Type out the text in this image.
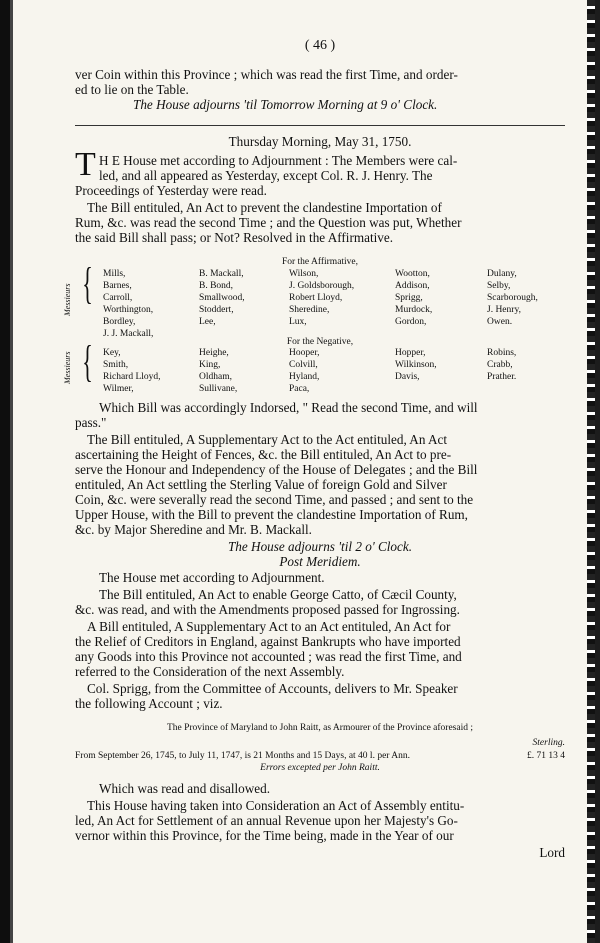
( 46 )
ver Coin within this Province ; which was read the first Time, and order-
ed to lie on the Table.
The House adjourns 'til Tomorrow Morning at 9 o' Clock.
Thursday Morning, May 31, 1750.
T H E House met according to Adjournment : The Members were cal-
led, and all appeared as Yesterday, except Col. R. J. Henry. The
Proceedings of Yesterday were read.
The Bill entituled, An Act to prevent the clandestine Importation of
Rum, &c. was read the second Time ; and the Question was put, Whether
the said Bill shall pass; or Not? Resolved in the Affirmative.
For the Affirmative,
Messieurs { Mills,
Barnes,
Carroll,
Worthington,
Bordley,
J. J. Mackall,
B. Mackall,
B. Bond,
Smallwood,
Stoddert,
Lee,
Wilson,
J. Goldsborough,
Robert Lloyd,
Sheredine,
Lux,
Wootton,
Addison,
Sprigg,
Murdock,
Gordon,
Dulany,
Selby,
Scarborough,
J. Henry,
Owen.
For the Negative,
Messieurs { Key,
Smith,
Richard Lloyd,
Wilmer,
Heighe,
King,
Oldham,
Sullivane,
Hooper,
Colvill,
Hyland,
Paca,
Hopper,
Wilkinson,
Davis,
Robins,
Crabb,
Prather.
Which Bill was accordingly Indorsed, " Read the second Time, and will
pass."
The Bill entituled, A Supplementary Act to the Act entituled, An Act
ascertaining the Height of Fences, &c. the Bill entituled, An Act to pre-
serve the Honour and Independency of the House of Delegates ; and the Bill
entituled, An Act settling the Sterling Value of foreign Gold and Silver
Coin, &c. were severally read the second Time, and passed ; and sent to the
Upper House, with the Bill to prevent the clandestine Importation of Rum,
&c. by Major Sheredine and Mr. B. Mackall.
The House adjourns 'til 2 o' Clock.
Post Meridiem.
The House met according to Adjournment.
The Bill entituled, An Act to enable George Catto, of Cæcil County,
&c. was read, and with the Amendments proposed passed for Ingrossing.
A Bill entituled, A Supplementary Act to an Act entituled, An Act for
the Relief of Creditors in England, against Bankrupts who have imported
any Goods into this Province not accounted ; was read the first Time, and
referred to the Consideration of the next Assembly.
Col. Sprigg, from the Committee of Accounts, delivers to Mr. Speaker
the following Account ; viz.
The Province of Maryland to John Raitt, as Armourer of the Province aforesaid ;
Sterling.
From September 26, 1745, to July 11, 1747, is 21 Months and 15 Days, at 40 l. per Ann.	£. 71 13 4
Errors excepted per John Raitt.
Which was read and disallowed.
This House having taken into Consideration an Act of Assembly entitu-
led, An Act for Settlement of an annual Revenue upon her Majesty's Go-
vernor within this Province, for the Time being, made in the Year of our
Lord
